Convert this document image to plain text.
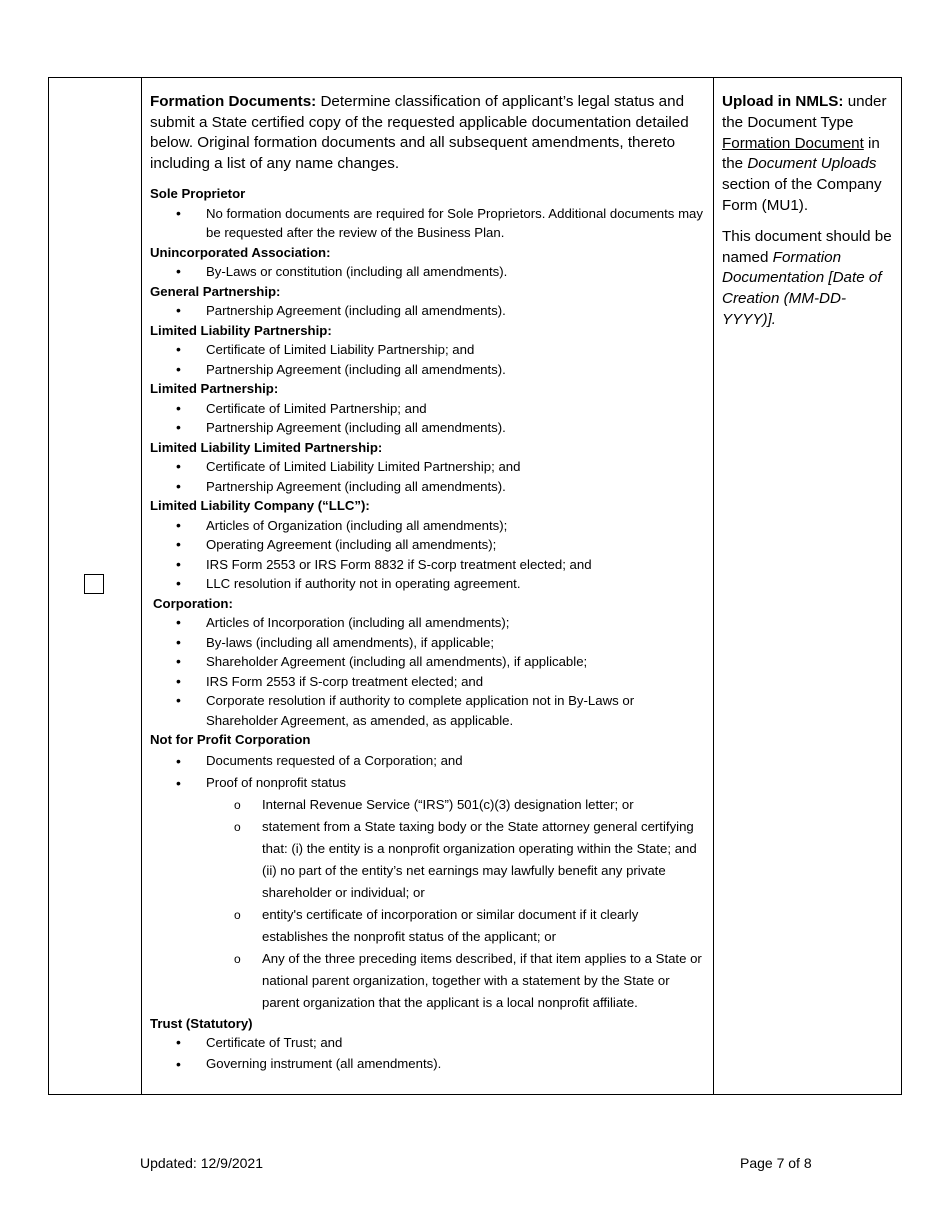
Formation Documents: Determine classification of applicant’s legal status and submit a State certified copy of the requested applicable documentation detailed below. Original formation documents and all subsequent amendments, thereto including a list of any name changes.

Sole Proprietor
• No formation documents are required for Sole Proprietors. Additional documents may be requested after the review of the Business Plan.
Unincorporated Association:
• By-Laws or constitution (including all amendments).
General Partnership:
• Partnership Agreement (including all amendments).
Limited Liability Partnership:
• Certificate of Limited Liability Partnership; and
• Partnership Agreement (including all amendments).
Limited Partnership:
• Certificate of Limited Partnership; and
• Partnership Agreement (including all amendments).
Limited Liability Limited Partnership:
• Certificate of Limited Liability Limited Partnership; and
• Partnership Agreement (including all amendments).
Limited Liability Company (“LLC”):
• Articles of Organization (including all amendments);
• Operating Agreement (including all amendments);
• IRS Form 2553 or IRS Form 8832 if S-corp treatment elected; and
• LLC resolution if authority not in operating agreement.
Corporation:
• Articles of Incorporation (including all amendments);
• By-laws (including all amendments), if applicable;
• Shareholder Agreement (including all amendments), if applicable;
• IRS Form 2553 if S-corp treatment elected; and
• Corporate resolution if authority to complete application not in By-Laws or Shareholder Agreement, as amended, as applicable.
Not for Profit Corporation
• Documents requested of a Corporation; and
• Proof of nonprofit status
o Internal Revenue Service (“IRS”) 501(c)(3) designation letter; or
o statement from a State taxing body or the State attorney general certifying that: (i) the entity is a nonprofit organization operating within the State; and (ii) no part of the entity’s net earnings may lawfully benefit any private shareholder or individual; or
o entity's certificate of incorporation or similar document if it clearly establishes the nonprofit status of the applicant; or
o Any of the three preceding items described, if that item applies to a State or national parent organization, together with a statement by the State or parent organization that the applicant is a local nonprofit affiliate.
Trust (Statutory)
• Certificate of Trust; and
• Governing instrument (all amendments).

Upload in NMLS: under the Document Type Formation Document in the Document Uploads section of the Company Form (MU1).

This document should be named Formation Documentation [Date of Creation (MM-DD-YYYY)].

Updated: 12/9/2021	Page 7 of 8
